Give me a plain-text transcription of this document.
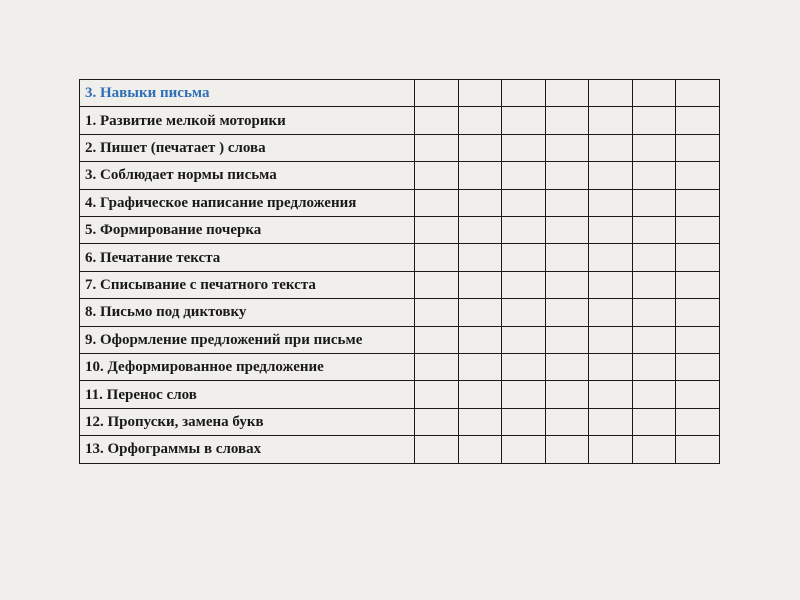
3. Навыки письма							
1. Развитие мелкой моторики							
2. Пишет (печатает ) слова							
3. Соблюдает нормы письма							
4. Графическое написание предложения							
5. Формирование почерка							
6. Печатание текста							
7. Списывание с печатного текста							
8. Письмо под диктовку							
9. Оформление предложений при письме							
10. Деформированное предложение							
11. Перенос слов							
12. Пропуски, замена букв							
13. Орфограммы в словах							
